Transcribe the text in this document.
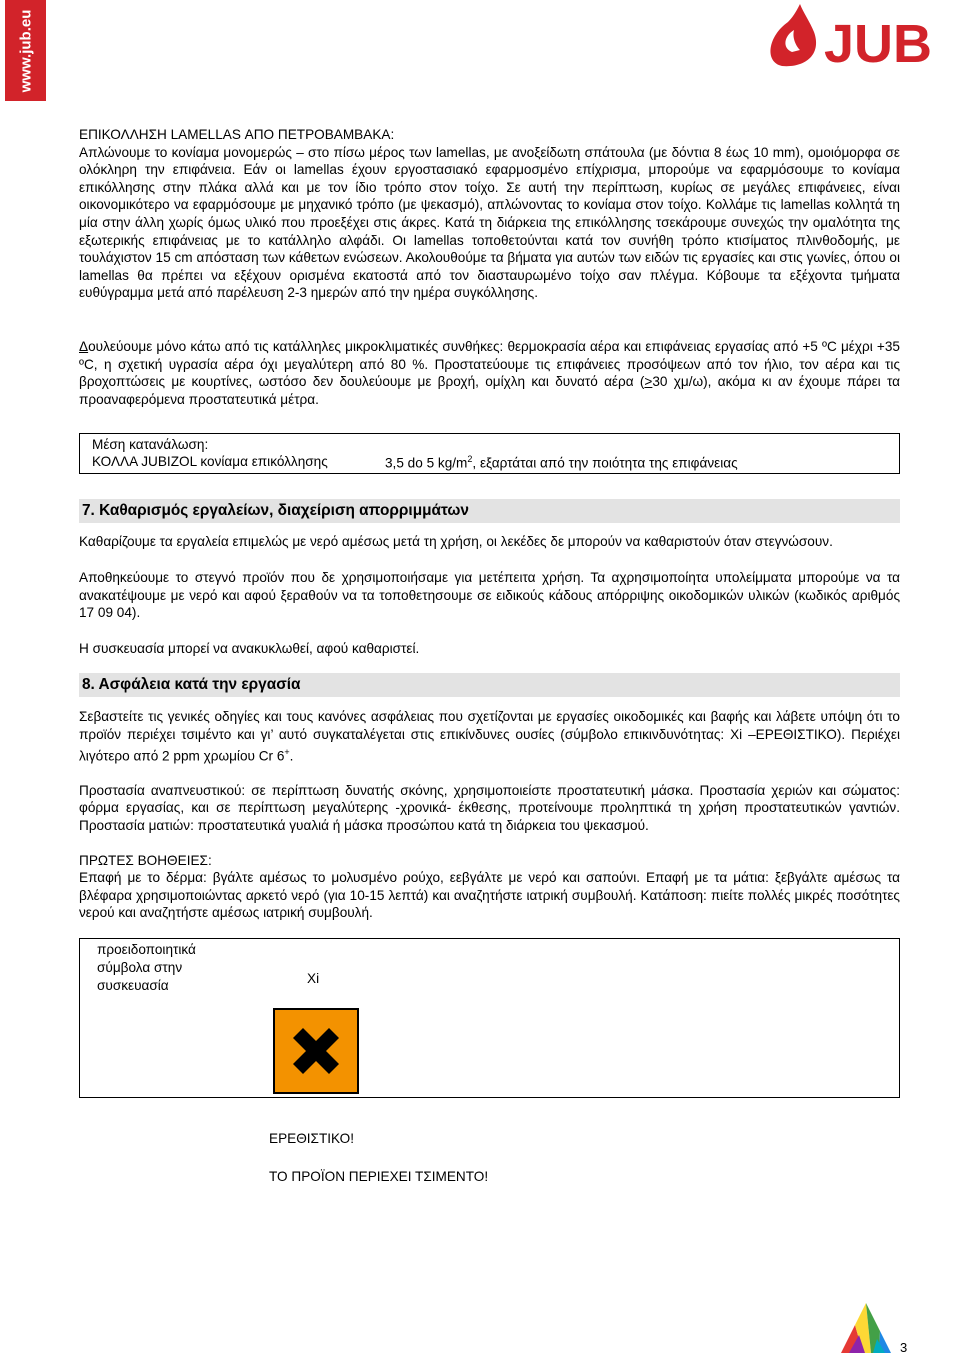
www.jub.eu	JUB

ΕΠΙΚΟΛΛΗΣΗ LAMELLAS ΑΠΟ ΠΕΤΡΟΒΑΜΒΑΚΑ:

Απλώνουμε το κονίαμα μονομερώς – στο πίσω μέρος των lamellas, με ανοξείδωτη σπάτουλα (με δόντια 8 έως 10 mm), ομοιόμορφα σε ολόκληρη την επιφάνεια. Εάν οι lamellas έχουν εργοστασιακό εφαρμοσμένο επίχρισμα, μπορούμε να εφαρμόσουμε το κονίαμα επικόλλησης στην πλάκα αλλά και με τον ίδιο τρόπο στον τοίχο. Σε αυτή την περίπτωση, κυρίως σε μεγάλες επιφάνειες, είναι οικονομικότερο να εφαρμόσουμε με μηχανικό τρόπο (με ψεκασμό), απλώνοντας το κονίαμα στον τοίχο. Κολλάμε τις lamellas κολλητά τη μία στην άλλη χωρίς όμως υλικό που προεξέχει στις άκρες. Κατά τη διάρκεια της επικόλλησης τσεκάρουμε συνεχώς την ομαλότητα της εξωτερικής επιφάνειας με το κατάλληλο αλφάδι. Οι lamellas τοποθετούνται κατά τον συνήθη τρόπο κτισίματος πλινθοδομής, με τουλάχιστον 15 cm απόσταση των κάθετων ενώσεων. Ακολουθούμε τα βήματα για αυτών των ειδών τις εργασίες και στις γωνίες, όπου οι lamellas θα πρέπει να εξέχουν ορισμένα εκατοστά από τον διασταυρωμένο τοίχο σαν πλέγμα. Κόβουμε τα εξέχοντα τμήματα ευθύγραμμα μετά από παρέλευση 2-3 ημερών από την ημέρα συγκόλλησης.

Δουλεύουμε μόνο κάτω από τις κατάλληλες μικροκλιματικές συνθήκες: θερμοκρασία αέρα και επιφάνειας εργασίας από +5 ºC μέχρι +35 ºC, η σχετική υγρασία αέρα όχι μεγαλύτερη από 80 %. Προστατεύουμε τις επιφάνειες προσόψεων από τον ήλιο, τον αέρα και τις βροχοπτώσεις με κουρτίνες, ωστόσο δεν δουλεύουμε με βροχή, ομίχλη και δυνατό αέρα (>30 χμ/ω), ακόμα κι αν έχουμε πάρει τα προαναφερόμενα προστατευτικά μέτρα.

Μέση κατανάλωση:

ΚΟΛΛΑ JUBIZOL κονίαμα επικόλλησης	3,5 do 5 $kg/m^2$, εξαρτάται από την ποιότητα της επιφάνειας
7. Καθαρισμός εργαλείων, διαχείριση απορριμμάτων

Καθαρίζουμε τα εργαλεία επιμελώς με νερό αμέσως μετά τη χρήση, οι λεκέδες δε μπορούν να καθαριστούν όταν στεγνώσουν.

Αποθηκεύουμε το στεγνό προϊόν που δε χρησιμοποιήσαμε για μετέπειτα χρήση. Τα αχρησιμοποίητα υπολείμματα μπορούμε να τα ανακατέψουμε με νερό και αφού ξεραθούν να τα τοποθετησουμε σε ειδικούς κάδους απόρριψης οικοδομικών υλικών (κωδικός αριθμός 17 09 04).

Η συσκευασία μπορεί να ανακυκλωθεί, αφού καθαριστεί.

8. Ασφάλεια κατά την εργασία

Σεβαστείτε τις γενικές οδηγίες και τους κανόνες ασφάλειας που σχετίζονται με εργασίες οικοδομικές και βαφής και λάβετε υπόψη ότι το προϊόν περιέχει τσιμέντο και γι’ αυτό συγκαταλέγεται στις επικίνδυνες ουσίες (σύμβολο επικινδυνότητας: Xi –ΕΡΕΘΙΣΤΙΚΟ). Περιέχει λιγότερο από 2 ppm χρωμίου Cr 6+.

Προστασία αναπνευστικού: σε περίπτωση δυνατής σκόνης, χρησιμοποιείστε προστατευτική μάσκα. Προστασία χεριών και σώματος: φόρμα εργασίας, και σε περίπτωση μεγαλύτερης -χρονικά- έκθεσης, προτείνουμε προληπτικά τη χρήση προστατευτικών γαντιών. Προστασία ματιών: προστατευτικά γυαλιά ή μάσκα προσώπου κατά τη διάρκεια του ψεκασμού.

ΠΡΩΤΕΣ ΒΟΗΘΕΙΕΣ:

Επαφή με το δέρμα: βγάλτε αμέσως το μολυσμένο ρούχο, εεβγάλτε με νερό και σαπούνι. Επαφή με τα μάτια: ξεβγάλτε αμέσως τα βλέφαρα χρησιμοποιώντας αρκετό νερό (για 10-15 λεπτά) και αναζητήστε ιατρική συμβουλή. Κατάποση: πιείτε πολλές μικρές ποσότητες νερού και αναζητήστε αμέσως ιατρική συμβουλή.

προειδοποιητικά σύμβολα στην συσκευασία	Xi

ΕΡΕΘΙΣΤΙΚΟ!

ΤΟ ΠΡΟΪΟΝ ΠΕΡΙΕΧΕΙ ΤΣΙΜΕΝΤΟ!

3
